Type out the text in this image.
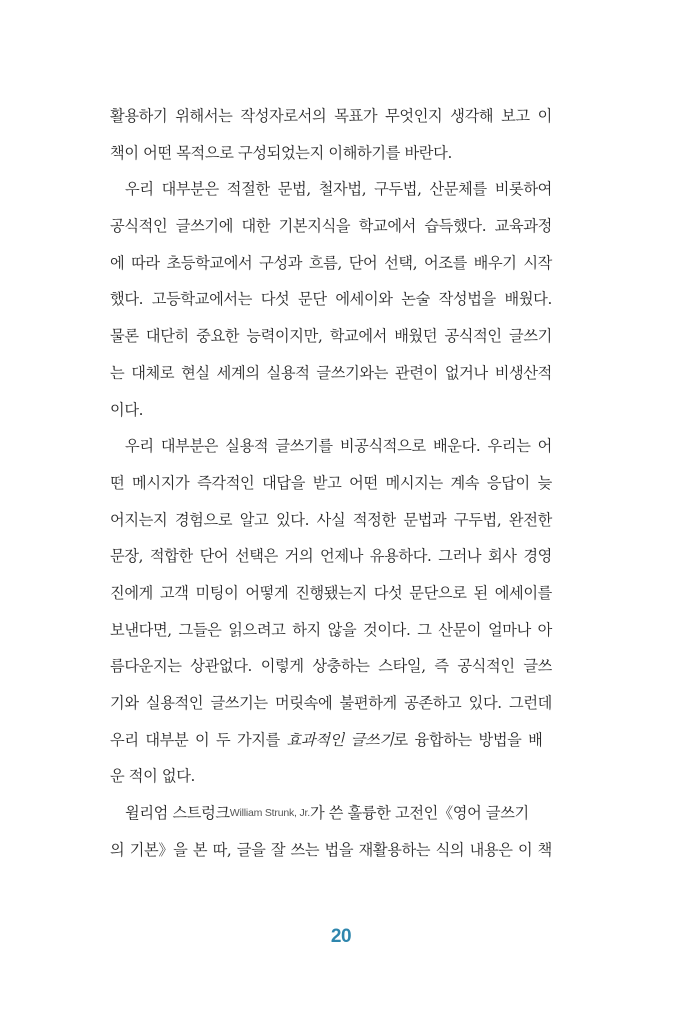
활용하기 위해서는 작성자로서의 목표가 무엇인지 생각해 보고 이
책이 어떤 목적으로 구성되었는지 이해하기를 바란다.
우리 대부분은 적절한 문법, 철자법, 구두법, 산문체를 비롯하여
공식적인 글쓰기에 대한 기본지식을 학교에서 습득했다. 교육과정
에 따라 초등학교에서 구성과 흐름, 단어 선택, 어조를 배우기 시작
했다. 고등학교에서는 다섯 문단 에세이와 논술 작성법을 배웠다.
물론 대단히 중요한 능력이지만, 학교에서 배웠던 공식적인 글쓰기
는 대체로 현실 세계의 실용적 글쓰기와는 관련이 없거나 비생산적
이다.
우리 대부분은 실용적 글쓰기를 비공식적으로 배운다. 우리는 어
떤 메시지가 즉각적인 대답을 받고 어떤 메시지는 계속 응답이 늦
어지는지 경험으로 알고 있다. 사실 적정한 문법과 구두법, 완전한
문장, 적합한 단어 선택은 거의 언제나 유용하다. 그러나 회사 경영
진에게 고객 미팅이 어떻게 진행됐는지 다섯 문단으로 된 에세이를
보낸다면, 그들은 읽으려고 하지 않을 것이다. 그 산문이 얼마나 아
름다운지는 상관없다. 이렇게 상충하는 스타일, 즉 공식적인 글쓰
기와 실용적인 글쓰기는 머릿속에 불편하게 공존하고 있다. 그런데
우리 대부분 이 두 가지를 효과적인 글쓰기 로 융합하는 방법을 배
운 적이 없다.
윌리엄 스트렁크 William Strunk, Jr. 가 쓴 훌륭한 고전인《영어 글쓰기
의 기본》을 본 따, 글을 잘 쓰는 법을 재활용하는 식의 내용은 이 책
20
